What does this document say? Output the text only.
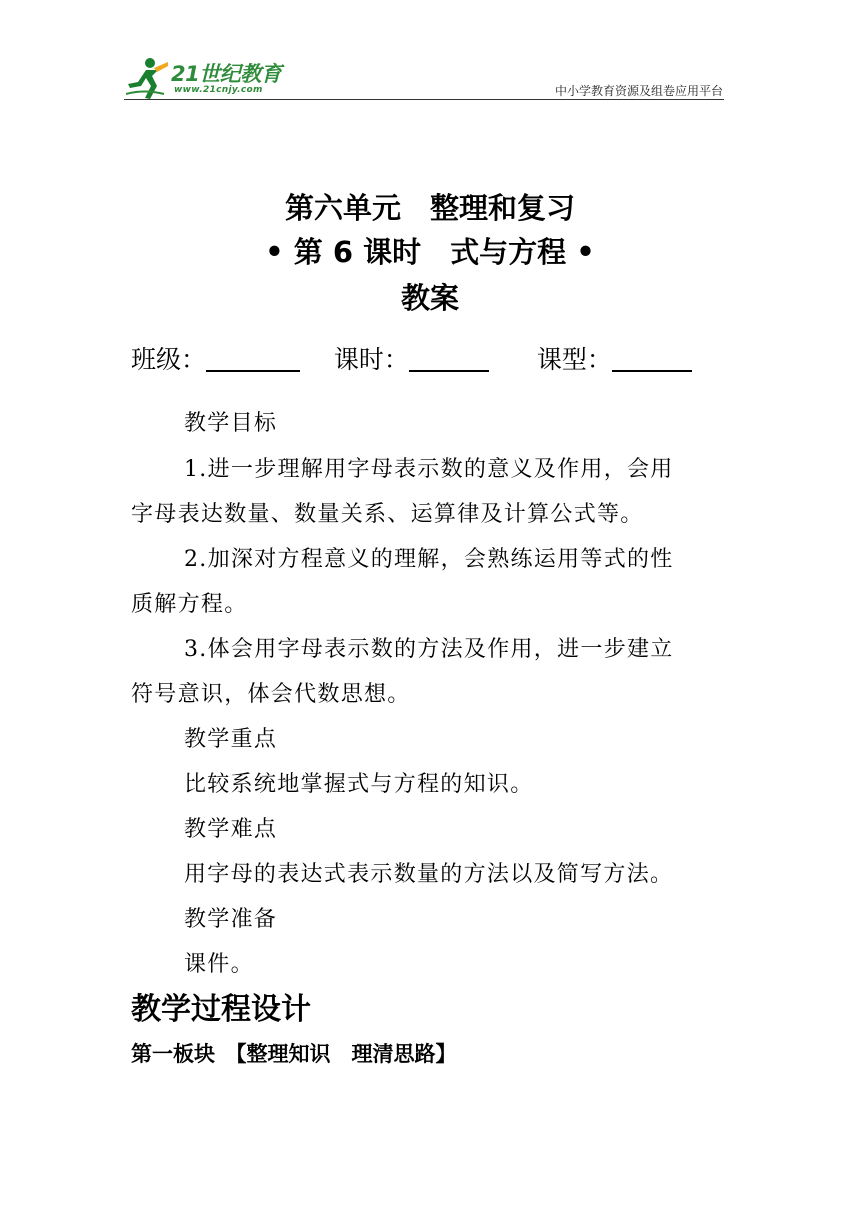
21世纪教育
www.21cnjy.com	中小学教育资源及组卷应用平台
第六单元　整理和复习
• 第 6 课时　式与方程 •
教案
班级：	课时：	课型：
教学目标
1.进一步理解用字母表示数的意义及作用，会用
字母表达数量、数量关系、运算律及计算公式等。
2.加深对方程意义的理解，会熟练运用等式的性
质解方程。
3.体会用字母表示数的方法及作用，进一步建立
符号意识，体会代数思想。
教学重点
比较系统地掌握式与方程的知识。
教学难点
用字母的表达式表示数量的方法以及简写方法。
教学准备
课件。
教学过程设计
第一板块　【整理知识　理清思路】
